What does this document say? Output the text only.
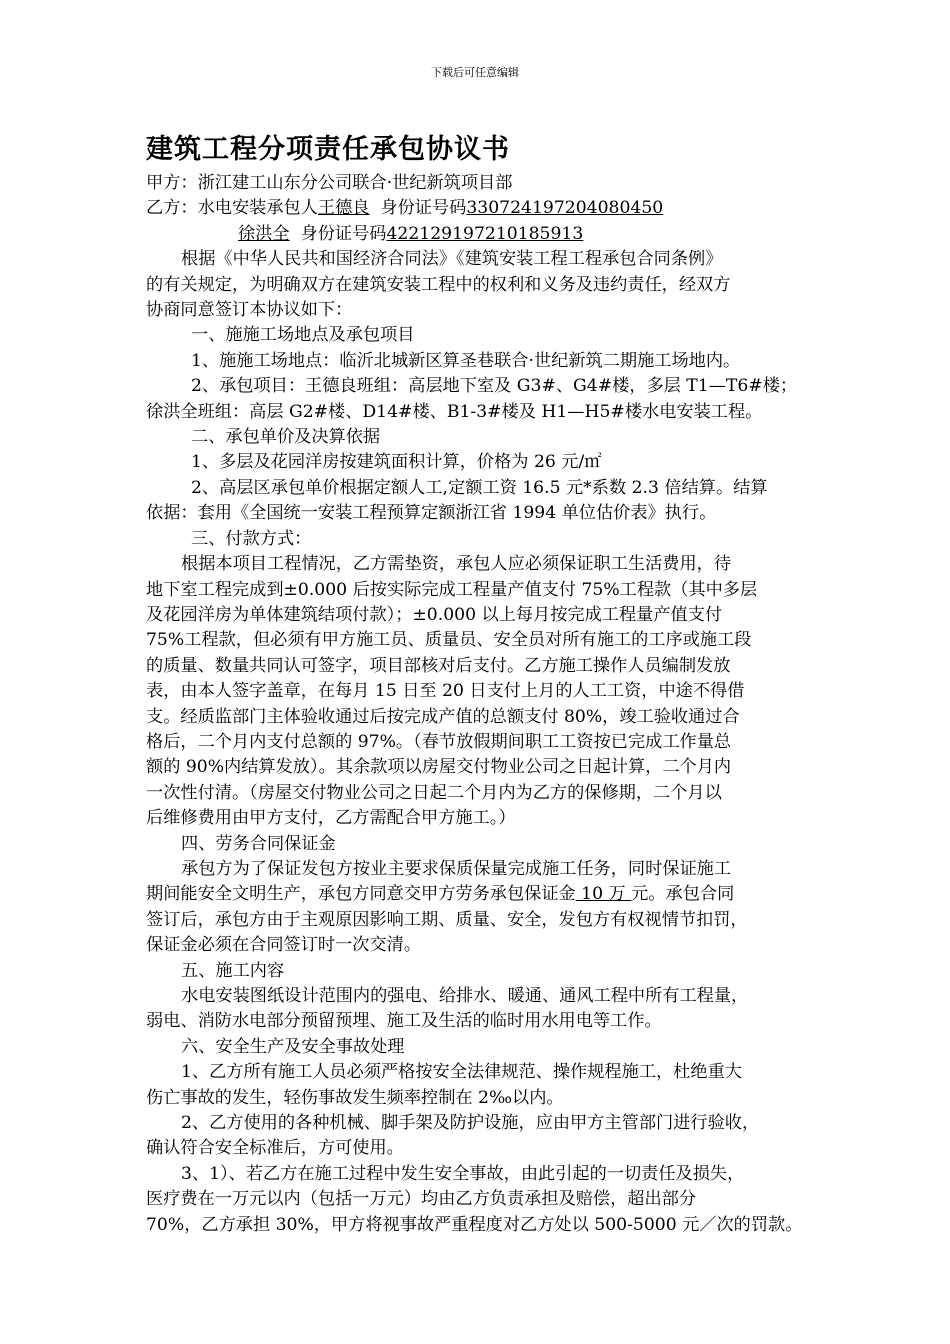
下载后可任意编辑
建筑工程分项责任承包协议书

甲方：浙江建工山东分公司联合·世纪新筑项目部

乙方：水电安装承包人王德良 身份证号码330724197204080450

徐洪全 身份证号码422129197210185913

根据《中华人民共和国经济合同法》《建筑安装工程工程承包合同条例》

的有关规定，为明确双方在建筑安装工程中的权利和义务及违约责任，经双方

协商同意签订本协议如下：

一、施施工场地点及承包项目

1、施施工场地点：临沂北城新区算圣巷联合·世纪新筑二期施工场地内。

2、承包项目：王德良班组：高层地下室及 G3#、G4#楼，多层 T1—T6#楼；

徐洪全班组：高层 G2#楼、D14#楼、B1-3#楼及 H1—H5#楼水电安装工程。

二、承包单价及决算依据

1、多层及花园洋房按建筑面积计算，价格为 26 元/㎡

2、高层区承包单价根据定额人工,定额工资 16.5 元*系数 2.3 倍结算。结算

依据：套用《全国统一安装工程预算定额浙江省 1994 单位估价表》执行。

三、付款方式：

根据本项目工程情况，乙方需垫资，承包人应必须保证职工生活费用，待

地下室工程完成到±0.000 后按实际完成工程量产值支付 75%工程款（其中多层

及花园洋房为单体建筑结项付款）；±0.000 以上每月按完成工程量产值支付

75%工程款，但必须有甲方施工员、质量员、安全员对所有施工的工序或施工段

的质量、数量共同认可签字，项目部核对后支付。乙方施工操作人员编制发放

表，由本人签字盖章，在每月 15 日至 20 日支付上月的人工工资，中途不得借

支。经质监部门主体验收通过后按完成产值的总额支付 80%，竣工验收通过合

格后，二个月内支付总额的 97%。（春节放假期间职工工资按已完成工作量总

额的 90%内结算发放）。其余款项以房屋交付物业公司之日起计算，二个月内

一次性付清。（房屋交付物业公司之日起二个月内为乙方的保修期，二个月以

后维修费用由甲方支付，乙方需配合甲方施工。）

四、劳务合同保证金

承包方为了保证发包方按业主要求保质保量完成施工任务，同时保证施工

期间能安全文明生产，承包方同意交甲方劳务承包保证金 10 万 元。承包合同

签订后，承包方由于主观原因影响工期、质量、安全，发包方有权视情节扣罚，

保证金必须在合同签订时一次交清。

五、施工内容

水电安装图纸设计范围内的强电、给排水、暖通、通风工程中所有工程量，

弱电、消防水电部分预留预埋、施工及生活的临时用水用电等工作。

六、安全生产及安全事故处理

1、乙方所有施工人员必须严格按安全法律规范、操作规程施工，杜绝重大

伤亡事故的发生，轻伤事故发生频率控制在 2‰以内。

2、乙方使用的各种机械、脚手架及防护设施，应由甲方主管部门进行验收，

确认符合安全标准后，方可使用。

3、1）、若乙方在施工过程中发生安全事故，由此引起的一切责任及损失，

医疗费在一万元以内（包括一万元）均由乙方负责承担及赔偿，超出部分

70%，乙方承担 30%，甲方将视事故严重程度对乙方处以 500-5000 元／次的罚款。
